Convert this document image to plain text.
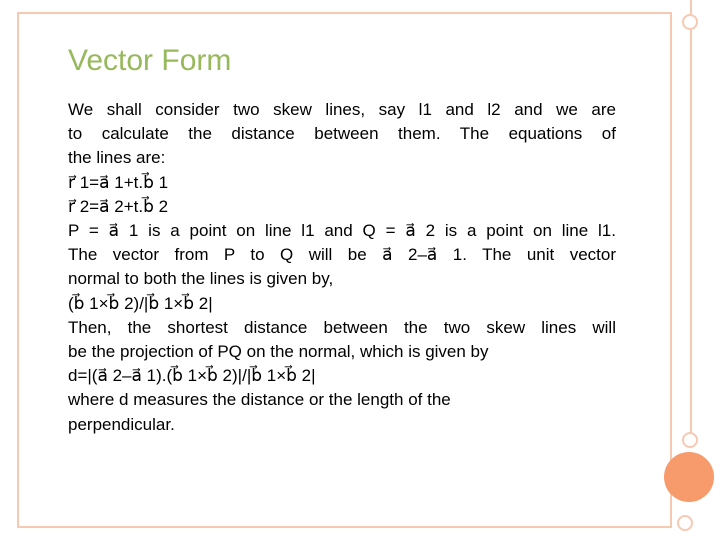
Vector Form
We shall consider two skew lines, say l1 and l2 and we are
to calculate the distance between them. The equations of
the lines are:
r⃗ 1=a⃗ 1+t.b⃗ 1
r⃗ 2=a⃗ 2+t.b⃗ 2
P = a⃗ 1 is a point on line l1 and Q = a⃗ 2 is a point on line l1.
The vector from P to Q will be a⃗ 2–a⃗ 1. The unit vector
normal to both the lines is given by,
(b⃗ 1×b⃗ 2)/|b⃗ 1×b⃗ 2|
Then, the shortest distance between the two skew lines will
be the projection of PQ on the normal, which is given by
d=|(a⃗ 2–a⃗ 1).(b⃗ 1×b⃗ 2)|/|b⃗ 1×b⃗ 2|
where d measures the distance or the length of the
perpendicular.
